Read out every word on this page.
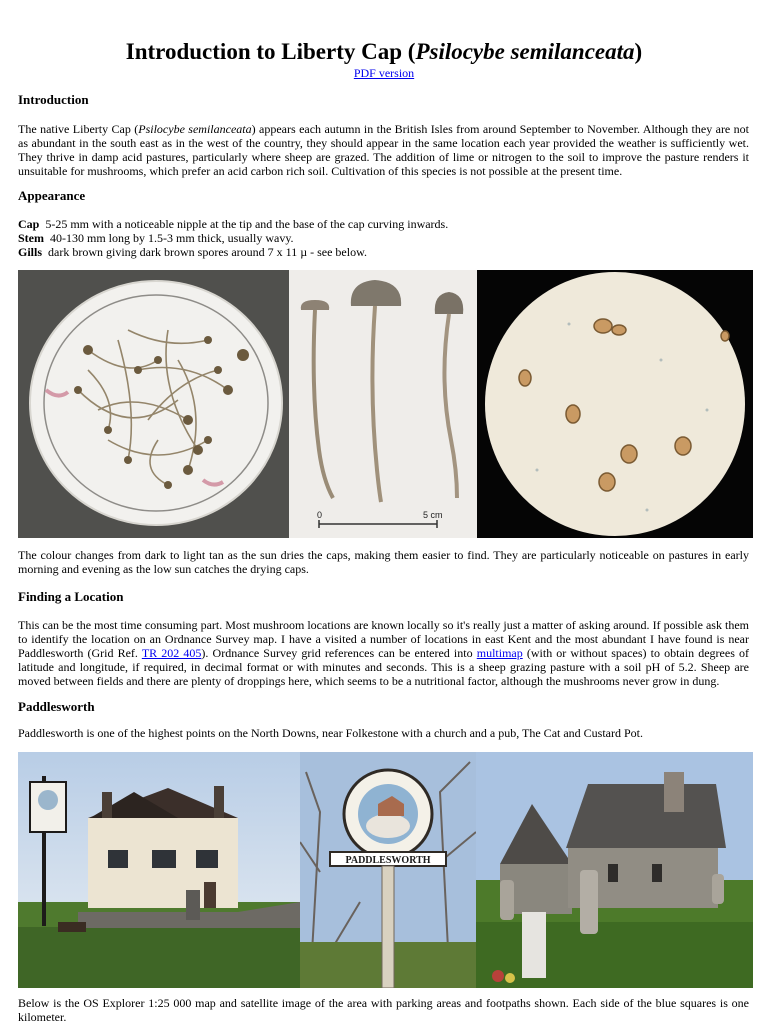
Introduction to Liberty Cap (Psilocybe semilanceata)
PDF version
Introduction

The native Liberty Cap (Psilocybe semilanceata) appears each autumn in the British Isles from around September to November. Although they are not as abundant in the south east as in the west of the country, they should appear in the same location each year provided the weather is sufficiently wet. They thrive in damp acid pastures, particularly where sheep are grazed. The addition of lime or nitrogen to the soil to improve the pasture renders it unsuitable for mushrooms, which prefer an acid carbon rich soil. Cultivation of this species is not possible at the present time.

Appearance

Cap 5-25 mm with a noticeable nipple at the tip and the base of the cap curving inwards.
Stem 40-130 mm long by 1.5-3 mm thick, usually wavy.
Gills dark brown giving dark brown spores around 7 x 11 µ - see below.

0	5 cm

The colour changes from dark to light tan as the sun dries the caps, making them easier to find. They are particularly noticeable on pastures in early morning and evening as the low sun catches the drying caps.

Finding a Location

This can be the most time consuming part. Most mushroom locations are known locally so it's really just a matter of asking around. If possible ask them to identify the location on an Ordnance Survey map. I have a visited a number of locations in east Kent and the most abundant I have found is near Paddlesworth (Grid Ref. TR 202 405). Ordnance Survey grid references can be entered into multimap (with or without spaces) to obtain degrees of latitude and longitude, if required, in decimal format or with minutes and seconds. This is a sheep grazing pasture with a soil pH of 5.2. Sheep are moved between fields and there are plenty of droppings here, which seems to be a nutritional factor, although the mushrooms never grow in dung.

Paddlesworth

Paddlesworth is one of the highest points on the North Downs, near Folkestone with a church and a pub, The Cat and Custard Pot.

PADDLESWORTH

Below is the OS Explorer 1:25 000 map and satellite image of the area with parking areas and footpaths shown. Each side of the blue squares is one kilometer.
